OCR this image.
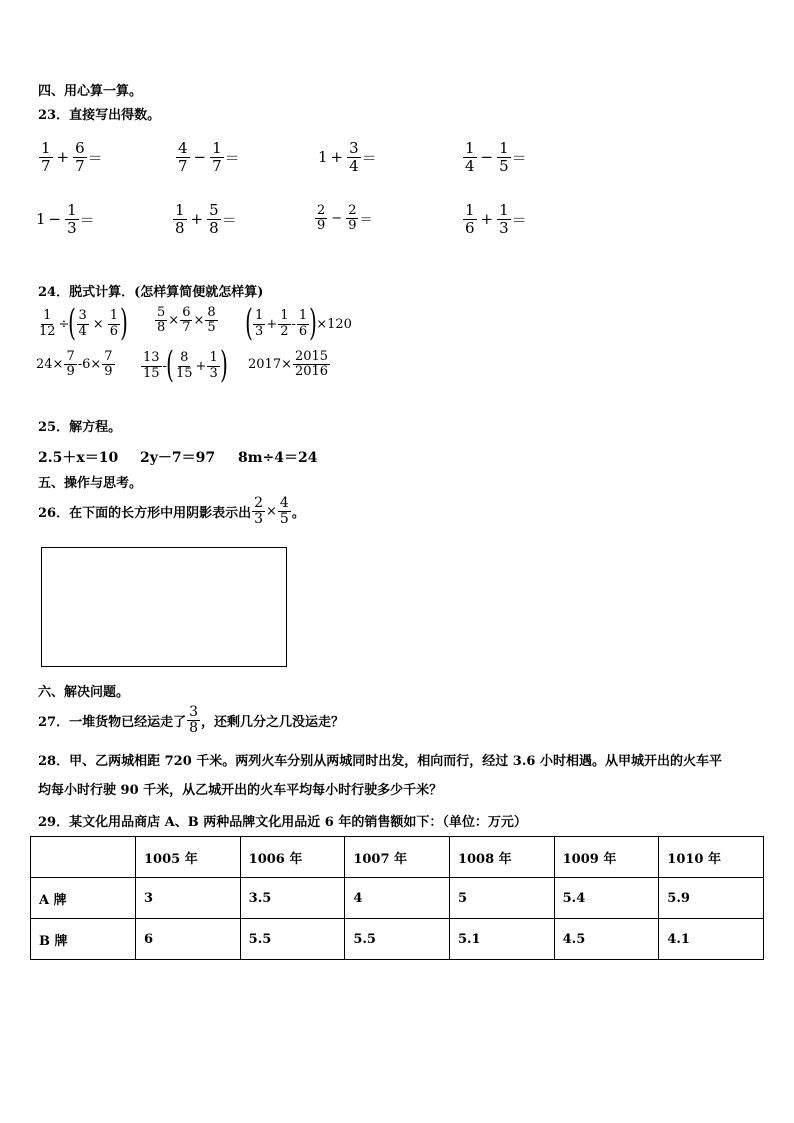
四、用心算一算。
23．直接写出得数。
$\frac{1}{7} + \frac{6}{7}$ ＝	$\frac{4}{7} - \frac{1}{7}$ ＝	$1 + \frac{3}{4}$ ＝	$\frac{1}{4} - \frac{1}{5}$ ＝
$1 - \frac{1}{3}$ ＝	$\frac{1}{8} + \frac{5}{8}$ ＝	$\frac{2}{9} - \frac{2}{9}$ ＝	$\frac{1}{6} + \frac{1}{3}$ ＝
24．脱式计算．(怎样算简便就怎样算)
$\frac{1}{12}$ ÷ ( $\frac{3}{4} \times \frac{1}{6}$ ) $\frac{5}{8} \times \frac{6}{7} \times \frac{8}{5}$ ( $\frac{1}{3} + \frac{1}{2} - \frac{1}{6}$ ) ×120
$24\times \frac{7}{9} -6\times \frac{7}{9} \frac{13}{15}$ - ( $\frac{8}{15} + \frac{1}{3}$ ) $2017\times \frac{2015}{2016}$
25．解方程。
2.5＋x＝10 2y－7＝97 8m÷4＝24
五、操作与思考。
26．在下面的长方形中用阴影表示出 $\frac{2}{3} \times \frac{4}{5}$ 。
六、解决问题。
27．一堆货物已经运走了 $\frac{3}{8}$ ，还剩几分之几没运走？
28．甲、乙两城相距 720 千米。两列火车分别从两城同时出发，相向而行，经过 3.6 小时相遇。从甲城开出的火车平
均每小时行驶 90 千米，从乙城开出的火车平均每小时行驶多少千米？
29．某文化用品商店 A、B 两种品牌文化用品近 6 年的销售额如下：（单位：万元）
	1005 年	1006 年	1007 年	1008 年	1009 年	1010 年
A 牌	3	3.5	4	5	5.4	5.9
B 牌	6	5.5	5.5	5.1	4.5	4.1
